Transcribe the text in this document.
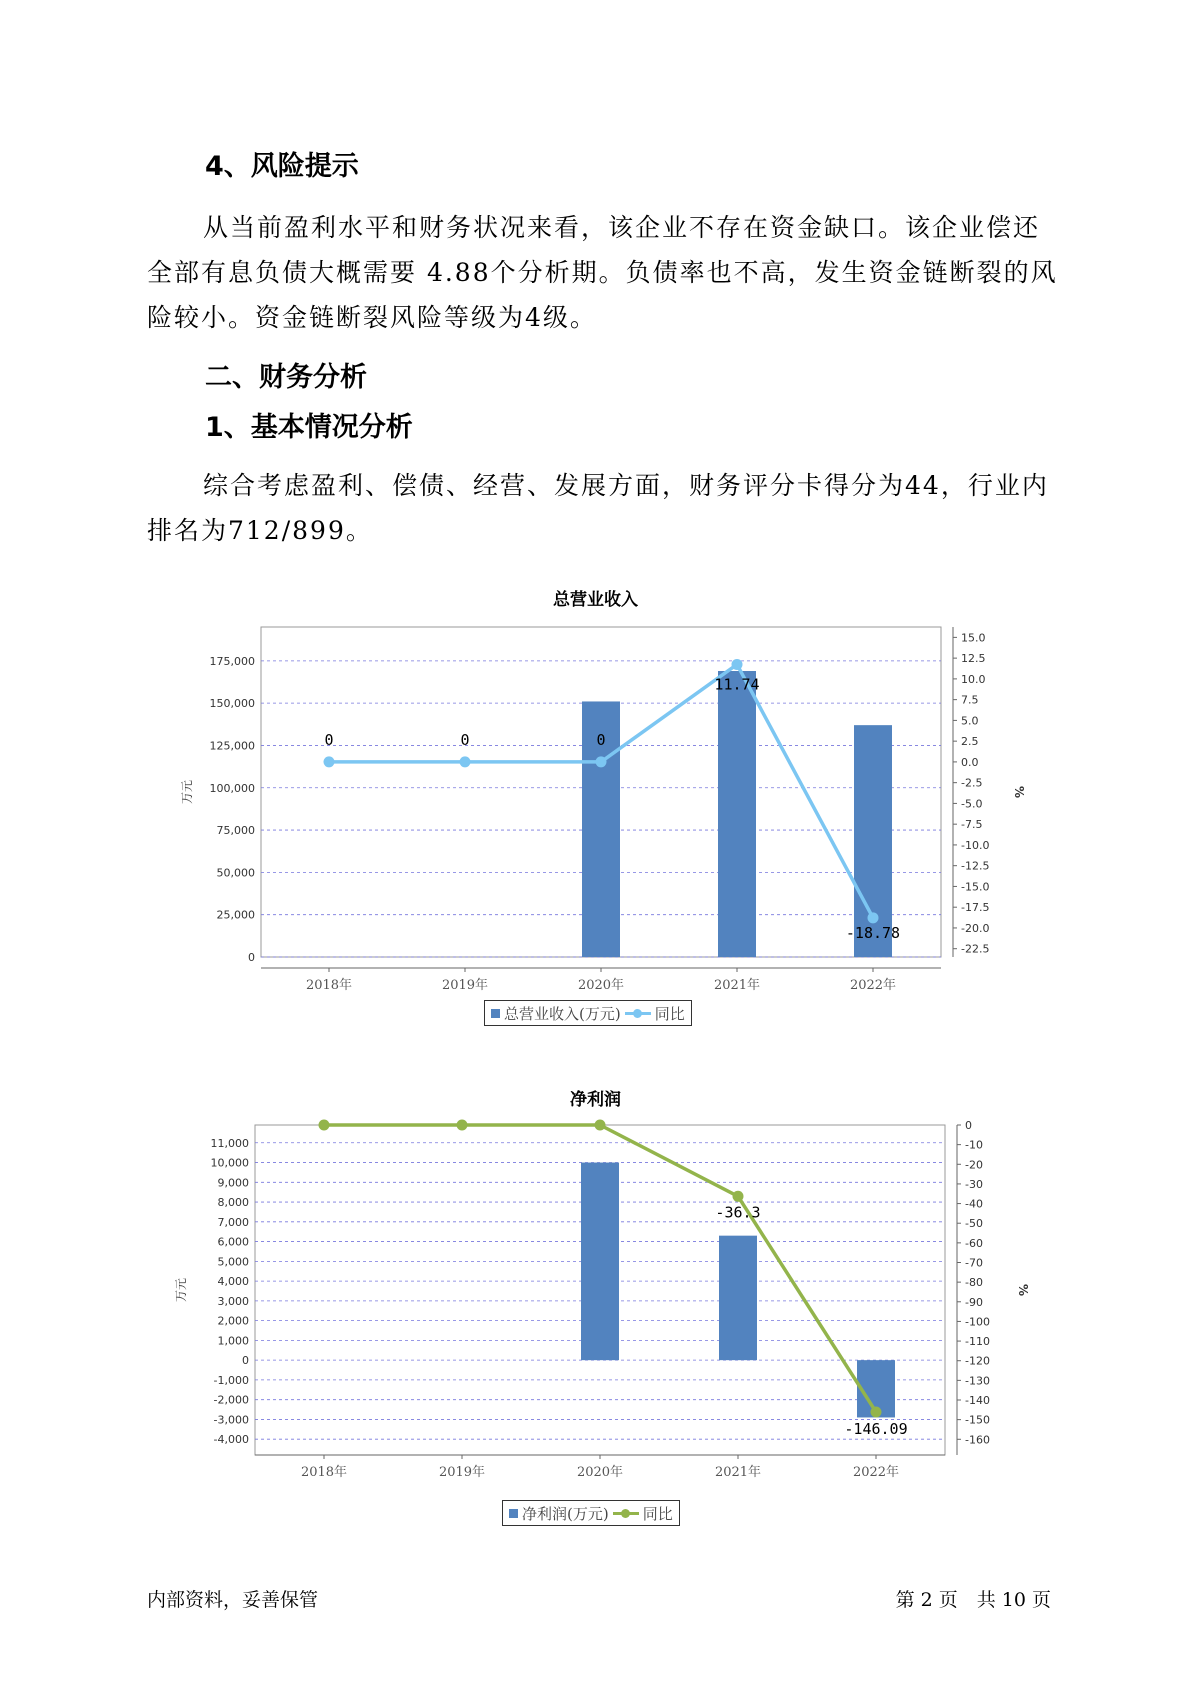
4、风险提示

从当前盈利水平和财务状况来看，该企业不存在资金缺口。该企业偿还全部有息负债大概需要 4.88个分析期。负债率也不高，发生资金链断裂的风险较小。资金链断裂风险等级为4级。

二、财务分析
1、基本情况分析

综合考虑盈利、偿债、经营、发展方面，财务评分卡得分为44，行业内排名为712/899。

总营业收入
0
25,000
50,000
75,000
100,000
125,000
150,000
175,000
15.0
12.5
10.0
7.5
5.0
2.5
0.0
-2.5
-5.0
-7.5
-10.0
-12.5
-15.0
-17.5
-20.0
-22.5
万元	%
2018年	2019年	2020年	2021年	2022年
0	0	0
11.74
-18.78
总营业收入(万元) 同比
净利润
11,000
10,000
9,000
8,000
7,000
6,000
5,000
4,000
3,000
2,000
1,000
0
-1,000
-2,000
-3,000
-4,000
0
-10
-20
-30
-40
-50
-60
-70
-80
-90
-100
-110
-120
-130
-140
-150
-160
万元	%
2018年	2019年	2020年	2021年	2022年
-36.3
-146.09
净利润(万元) 同比
内部资料，妥善保管	第 2 页　共 10 页
